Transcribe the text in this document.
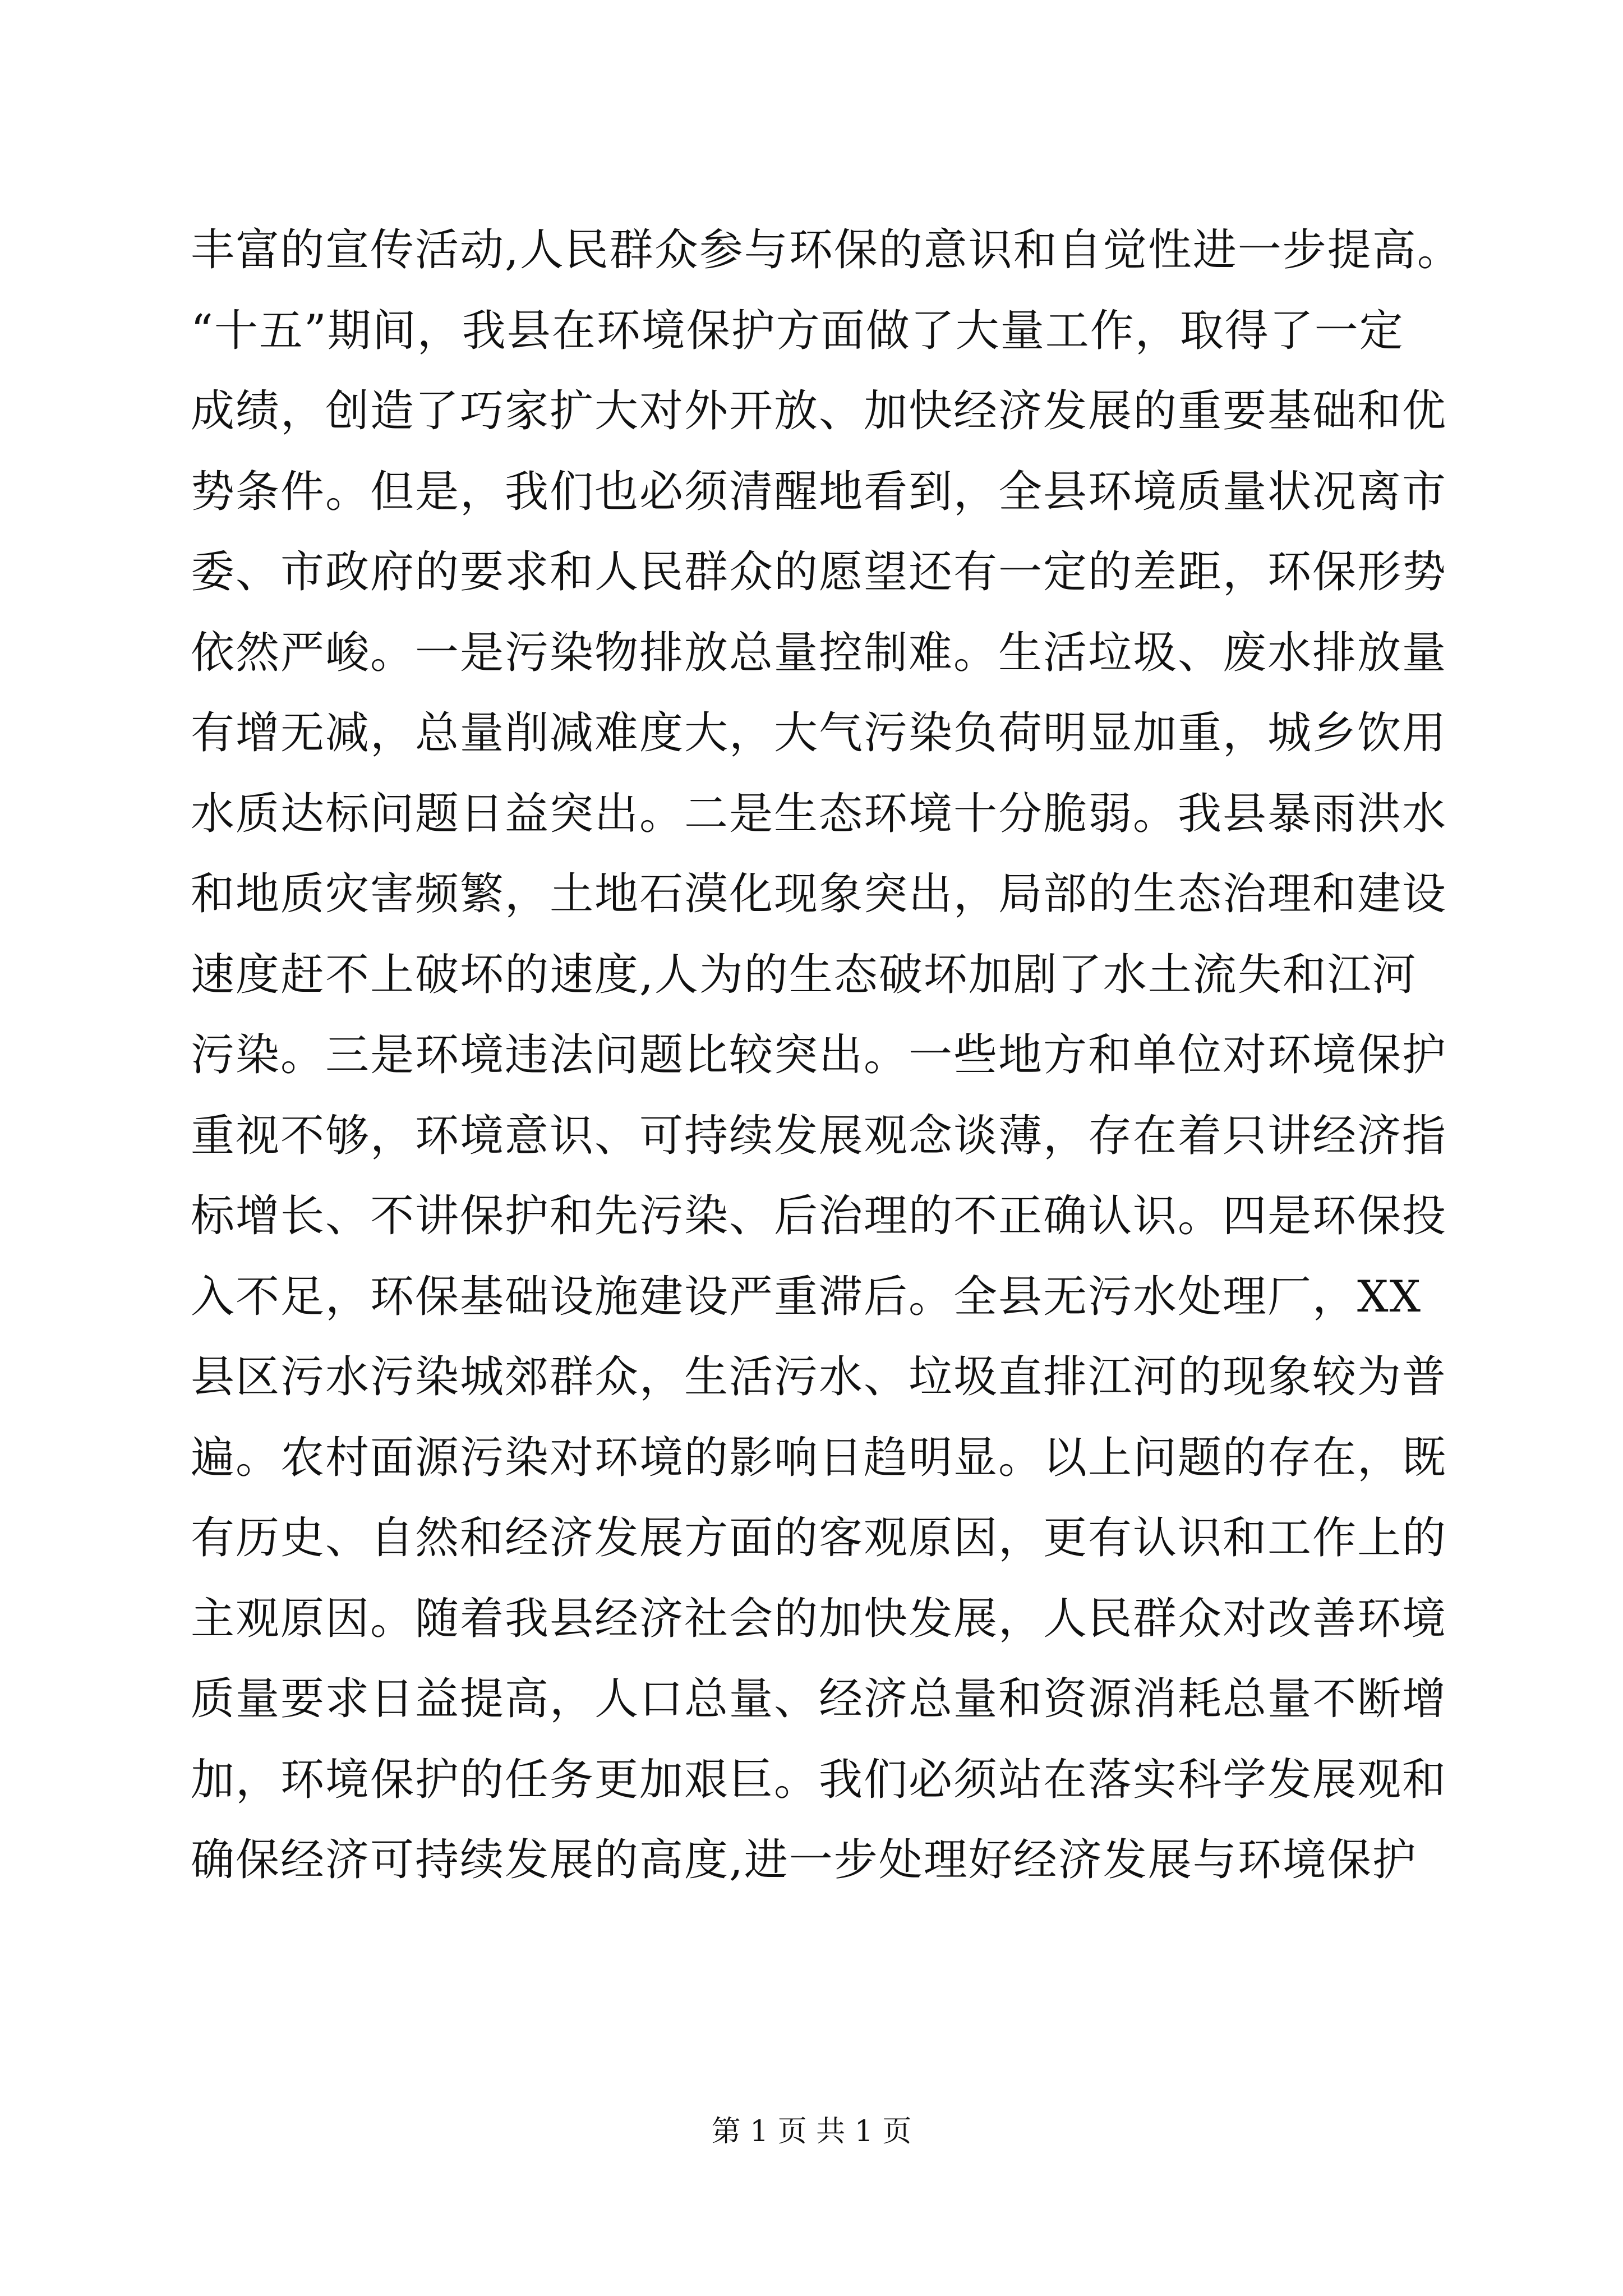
丰富的宣传活动,人民群众参与环保的意识和自觉性进一步提高。
“十五”期间，我县在环境保护方面做了大量工作，取得了一定
成绩，创造了巧家扩大对外开放、加快经济发展的重要基础和优
势条件。但是，我们也必须清醒地看到，全县环境质量状况离市
委、市政府的要求和人民群众的愿望还有一定的差距，环保形势
依然严峻。一是污染物排放总量控制难。生活垃圾、废水排放量
有增无减，总量削减难度大，大气污染负荷明显加重，城乡饮用
水质达标问题日益突出。二是生态环境十分脆弱。我县暴雨洪水
和地质灾害频繁，土地石漠化现象突出，局部的生态治理和建设
速度赶不上破坏的速度,人为的生态破坏加剧了水土流失和江河
污染。三是环境违法问题比较突出。一些地方和单位对环境保护
重视不够，环境意识、可持续发展观念谈薄，存在着只讲经济指
标增长、不讲保护和先污染、后治理的不正确认识。四是环保投
入不足，环保基础设施建设严重滞后。全县无污水处理厂，XX
县区污水污染城郊群众，生活污水、垃圾直排江河的现象较为普
遍。农村面源污染对环境的影响日趋明显。以上问题的存在，既
有历史、自然和经济发展方面的客观原因，更有认识和工作上的
主观原因。随着我县经济社会的加快发展，人民群众对改善环境
质量要求日益提高，人口总量、经济总量和资源消耗总量不断增
加，环境保护的任务更加艰巨。我们必须站在落实科学发展观和
确保经济可持续发展的高度,进一步处理好经济发展与环境保护
第 1 页 共 1 页
